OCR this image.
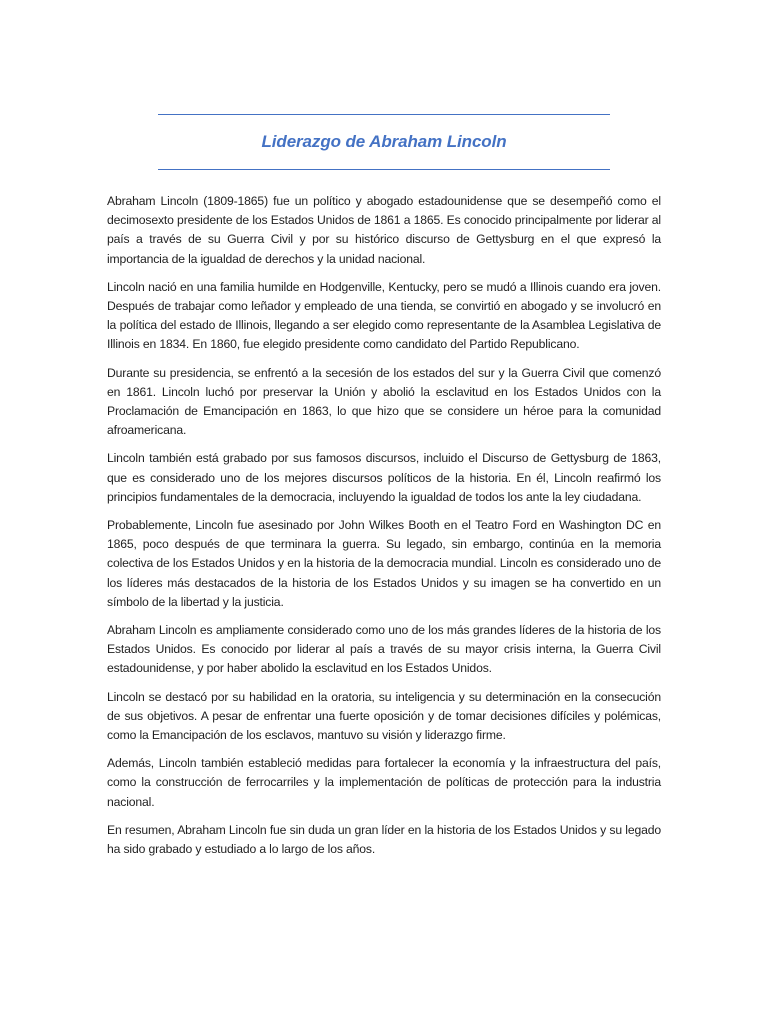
Liderazgo de Abraham Lincoln

Abraham Lincoln (1809-1865) fue un político y abogado estadounidense que se desempeñó como el decimosexto presidente de los Estados Unidos de 1861 a 1865. Es conocido principalmente por liderar al país a través de su Guerra Civil y por su histórico discurso de Gettysburg en el que expresó la importancia de la igualdad de derechos y la unidad nacional.

Lincoln nació en una familia humilde en Hodgenville, Kentucky, pero se mudó a Illinois cuando era joven. Después de trabajar como leñador y empleado de una tienda, se convirtió en abogado y se involucró en la política del estado de Illinois, llegando a ser elegido como representante de la Asamblea Legislativa de Illinois en 1834. En 1860, fue elegido presidente como candidato del Partido Republicano.

Durante su presidencia, se enfrentó a la secesión de los estados del sur y la Guerra Civil que comenzó en 1861. Lincoln luchó por preservar la Unión y abolió la esclavitud en los Estados Unidos con la Proclamación de Emancipación en 1863, lo que hizo que se considere un héroe para la comunidad afroamericana.

Lincoln también está grabado por sus famosos discursos, incluido el Discurso de Gettysburg de 1863, que es considerado uno de los mejores discursos políticos de la historia. En él, Lincoln reafirmó los principios fundamentales de la democracia, incluyendo la igualdad de todos los ante la ley ciudadana.

Probablemente, Lincoln fue asesinado por John Wilkes Booth en el Teatro Ford en Washington DC en 1865, poco después de que terminara la guerra. Su legado, sin embargo, continúa en la memoria colectiva de los Estados Unidos y en la historia de la democracia mundial. Lincoln es considerado uno de los líderes más destacados de la historia de los Estados Unidos y su imagen se ha convertido en un símbolo de la libertad y la justicia.

Abraham Lincoln es ampliamente considerado como uno de los más grandes líderes de la historia de los Estados Unidos. Es conocido por liderar al país a través de su mayor crisis interna, la Guerra Civil estadounidense, y por haber abolido la esclavitud en los Estados Unidos.

Lincoln se destacó por su habilidad en la oratoria, su inteligencia y su determinación en la consecución de sus objetivos. A pesar de enfrentar una fuerte oposición y de tomar decisiones difíciles y polémicas, como la Emancipación de los esclavos, mantuvo su visión y liderazgo firme.

Además, Lincoln también estableció medidas para fortalecer la economía y la infraestructura del país, como la construcción de ferrocarriles y la implementación de políticas de protección para la industria nacional.

En resumen, Abraham Lincoln fue sin duda un gran líder en la historia de los Estados Unidos y su legado ha sido grabado y estudiado a lo largo de los años.
